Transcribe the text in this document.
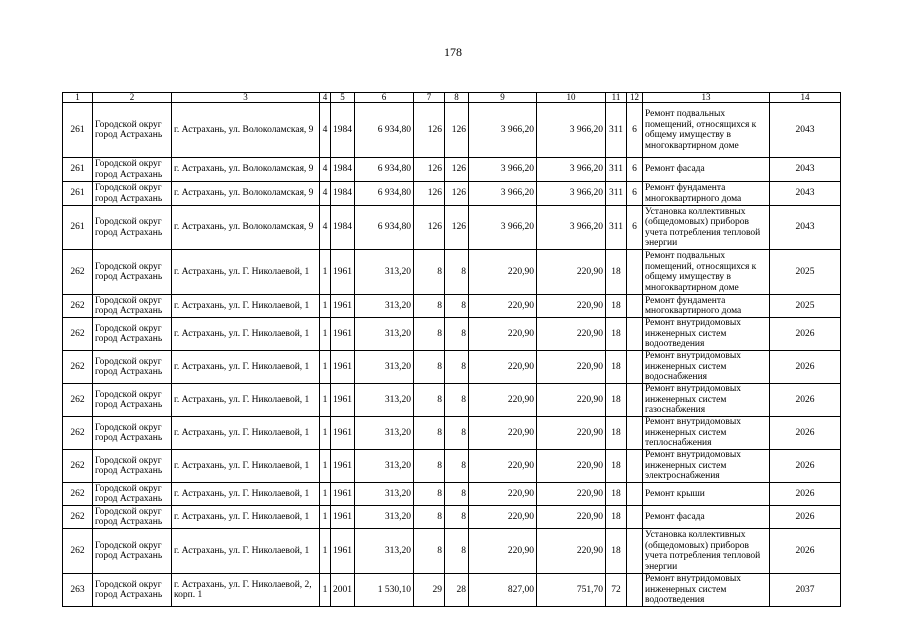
178
1	2	3	4	5	6	7	8	9	10	11	12	13	14
261	Городской округ город Астрахань	г. Астрахань, ул. Волоколамская, 9	4	1984	6 934,80	126	126	3 966,20	3 966,20	311	6	Ремонт подвальных помещений, относящихся к общему имуществу в многоквартирном доме	2043
261	Городской округ город Астрахань	г. Астрахань, ул. Волоколамская, 9	4	1984	6 934,80	126	126	3 966,20	3 966,20	311	6	Ремонт фасада	2043
261	Городской округ город Астрахань	г. Астрахань, ул. Волоколамская, 9	4	1984	6 934,80	126	126	3 966,20	3 966,20	311	6	Ремонт фундамента многоквартирного дома	2043
261	Городской округ город Астрахань	г. Астрахань, ул. Волоколамская, 9	4	1984	6 934,80	126	126	3 966,20	3 966,20	311	6	Установка коллективных (общедомовых) приборов учета потребления тепловой энергии	2043
262	Городской округ город Астрахань	г. Астрахань, ул. Г. Николаевой, 1	1	1961	313,20	8	8	220,90	220,90	18		Ремонт подвальных помещений, относящихся к общему имуществу в многоквартирном доме	2025
262	Городской округ город Астрахань	г. Астрахань, ул. Г. Николаевой, 1	1	1961	313,20	8	8	220,90	220,90	18		Ремонт фундамента многоквартирного дома	2025
262	Городской округ город Астрахань	г. Астрахань, ул. Г. Николаевой, 1	1	1961	313,20	8	8	220,90	220,90	18		Ремонт внутридомовых инженерных систем водоотведения	2026
262	Городской округ город Астрахань	г. Астрахань, ул. Г. Николаевой, 1	1	1961	313,20	8	8	220,90	220,90	18		Ремонт внутридомовых инженерных систем водоснабжения	2026
262	Городской округ город Астрахань	г. Астрахань, ул. Г. Николаевой, 1	1	1961	313,20	8	8	220,90	220,90	18		Ремонт внутридомовых инженерных систем газоснабжения	2026
262	Городской округ город Астрахань	г. Астрахань, ул. Г. Николаевой, 1	1	1961	313,20	8	8	220,90	220,90	18		Ремонт внутридомовых инженерных систем теплоснабжения	2026
262	Городской округ город Астрахань	г. Астрахань, ул. Г. Николаевой, 1	1	1961	313,20	8	8	220,90	220,90	18		Ремонт внутридомовых инженерных систем электроснабжения	2026
262	Городской округ город Астрахань	г. Астрахань, ул. Г. Николаевой, 1	1	1961	313,20	8	8	220,90	220,90	18		Ремонт крыши	2026
262	Городской округ город Астрахань	г. Астрахань, ул. Г. Николаевой, 1	1	1961	313,20	8	8	220,90	220,90	18		Ремонт фасада	2026
262	Городской округ город Астрахань	г. Астрахань, ул. Г. Николаевой, 1	1	1961	313,20	8	8	220,90	220,90	18		Установка коллективных (общедомовых) приборов учета потребления тепловой энергии	2026
263	Городской округ город Астрахань	г. Астрахань, ул. Г. Николаевой, 2, корп. 1	1	2001	1 530,10	29	28	827,00	751,70	72		Ремонт внутридомовых инженерных систем водоотведения	2037
